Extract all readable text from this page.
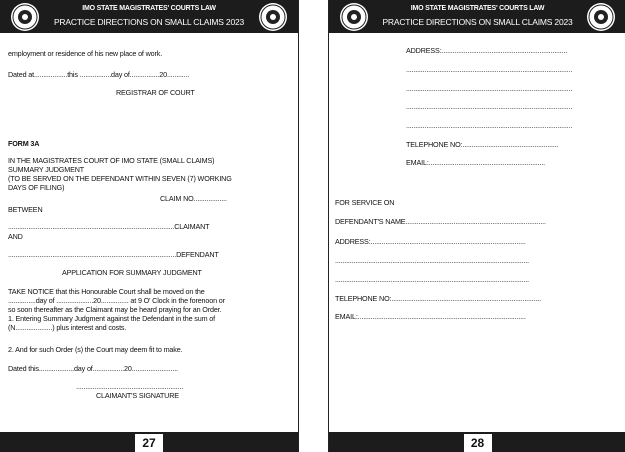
IMO STATE MAGISTRATES' COURTS LAW
PRACTICE DIRECTIONS ON SMALL CLAIMS 2023
employment or residence of his new place of work.
Dated at..................this .................day of................20............
REGISTRAR OF COURT
FORM 3A
IN THE MAGISTRATES COURT OF IMO STATE (SMALL CLAIMS)
SUMMARY JUDGMENT
(TO BE SERVED ON THE DEFENDANT WITHIN SEVEN (7) WORKING
DAYS OF FILING)
CLAIM NO..................
BETWEEN
..........................................................................................CLAIMANT
AND
...........................................................................................DEFENDANT
APPLICATION FOR SUMMARY JUDGMENT
TAKE NOTICE that this Honourable Court shall be moved on the
...............day of ....................20............... at 9 O' Clock in the forenoon or
so soon thereafter as the Claimant may be heard praying for an Order.
1. Entering Summary Judgment against the Defendant in the sum of
(N....................) plus interest and costs.
2. And for such Order (s) the Court may deem fit to make.
Dated this...................day of.................20.........................
..........................................................
CLAIMANT'S SIGNATURE
27
IMO STATE MAGISTRATES' COURTS LAW
PRACTICE DIRECTIONS ON SMALL CLAIMS 2023
ADDRESS:....................................................................
..........................................................................................
..........................................................................................
..........................................................................................
..........................................................................................
TELEPHONE NO:....................................................
EMAIL:...............................................................
FOR SERVICE ON
DEFENDANT'S NAME............................................................................
ADDRESS:....................................................................................
.........................................................................................................
.........................................................................................................
TELEPHONE NO:.................................................................................
EMAIL:...........................................................................................
28
